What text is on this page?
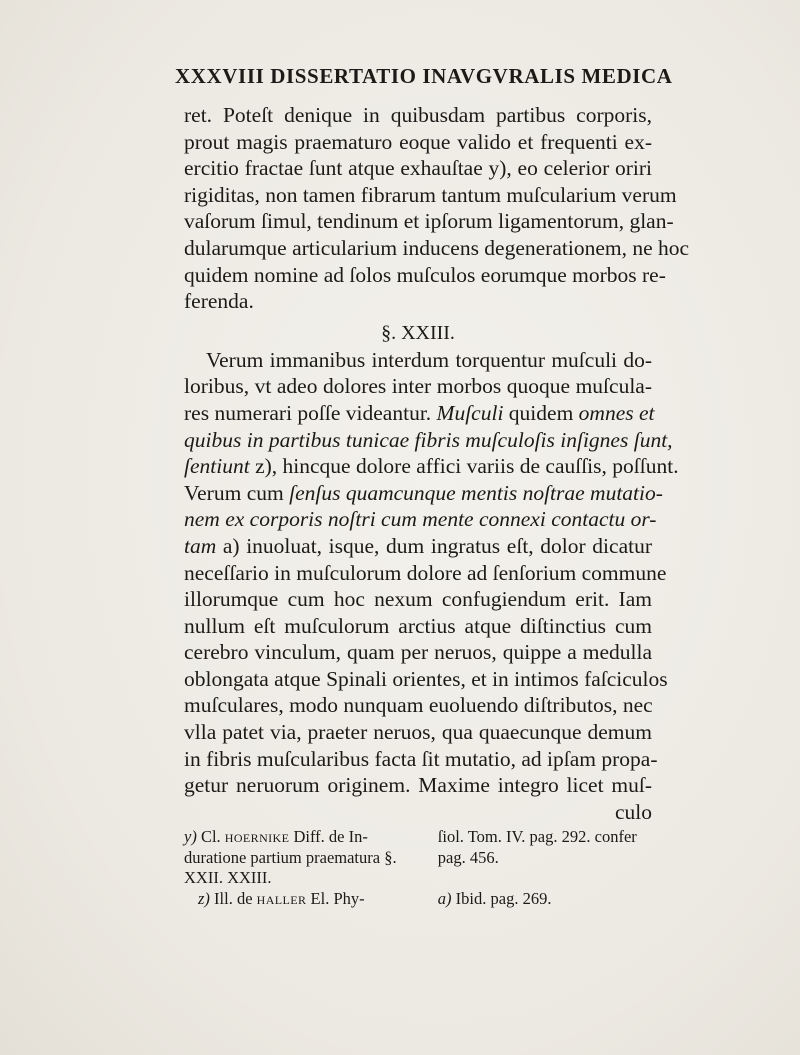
XXXVIII DISSERTATIO INAVGVRALIS MEDICA
ret. Poteſt denique in quibusdam partibus corporis,
prout magis praematuro eoque valido et frequenti ex-
ercitio fractae ſunt atque exhauſtae y), eo celerior oriri
rigiditas, non tamen fibrarum tantum muſcularium verum
vaſorum ſimul, tendinum et ipſorum ligamentorum, glan-
dularumque articularium inducens degenerationem, ne hoc
quidem nomine ad ſolos muſculos eorumque morbos re-
ferenda.
§. XXIII.
Verum immanibus interdum torquentur muſculi do-
loribus, vt adeo dolores inter morbos quoque muſcula-
res numerari poſſe videantur. Muſculi quidem omnes et
quibus in partibus tunicae fibris muſculoſis inſignes ſunt,
ſentiunt z), hincque dolore affici variis de cauſſis, poſſunt.
Verum cum ſenſus quamcunque mentis noſtrae mutatio-
nem ex corporis noſtri cum mente connexi contactu or-
tam a) inuoluat, isque, dum ingratus eſt, dolor dicatur
neceſſario in muſculorum dolore ad ſenſorium commune
illorumque cum hoc nexum confugiendum erit. Iam
nullum eſt muſculorum arctius atque diſtinctius cum
cerebro vinculum, quam per neruos, quippe a medulla
oblongata atque Spinali orientes, et in intimos faſciculos
muſculares, modo nunquam euoluendo diſtributos, nec
vlla patet via, praeter neruos, qua quaecunque demum
in fibris muſcularibus facta ſit mutatio, ad ipſam propa-
getur neruorum originem. Maxime integro licet muſ-
culo
y) Cl. hoernike Diff. de In-	ſiol. Tom. IV. pag. 292. confer
duratione partium praematura §.	pag. 456.
XXII. XXIII.
z) Ill. de haller El. Phy-	a) Ibid. pag. 269.
